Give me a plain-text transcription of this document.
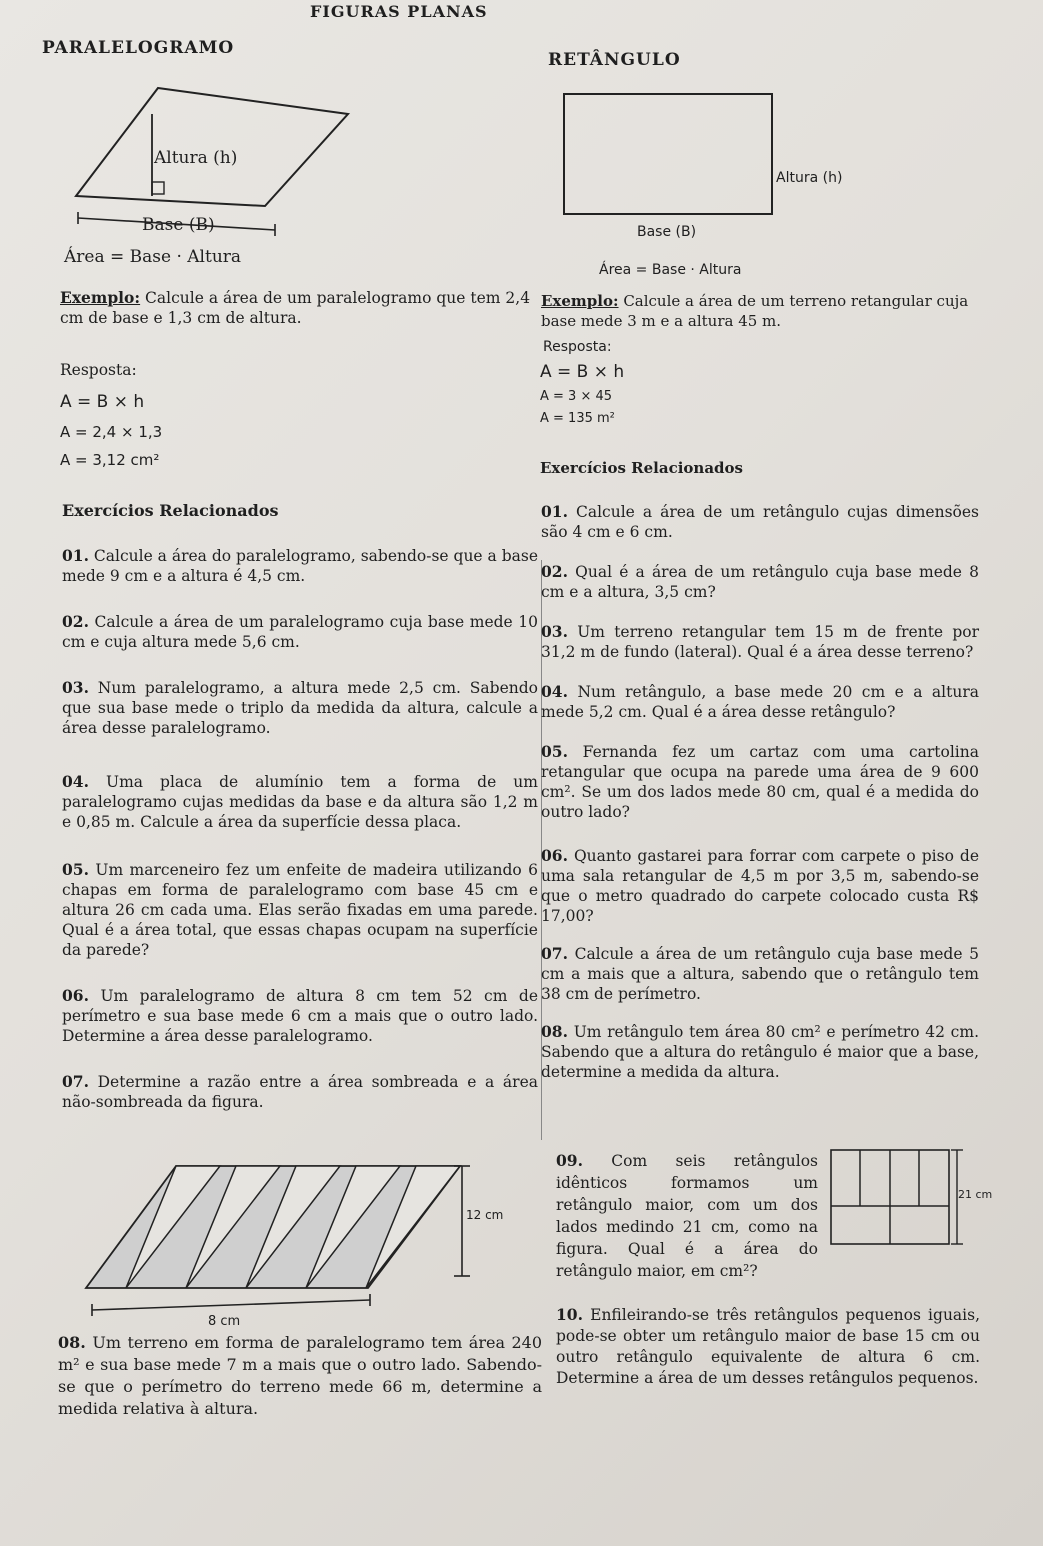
FIGURAS PLANAS
PARALELOGRAMO
RETÂNGULO
Altura (h)
Base (B)
Área = Base · Altura
Altura (h)
Base (B)
Área = Base · Altura
Exemplo: Calcule a área de um paralelogramo que tem 2,4 cm de base e 1,3 cm de altura.
Resposta:
A = B × h
A = 2,4 × 1,3
A = 3,12 cm²
Exemplo: Calcule a área de um terreno retangular cuja base mede 3 m e a altura 45 m.
Resposta:
A = B × h
A = 3 × 45
A = 135 m²
Exercícios Relacionados
Exercícios Relacionados

01. Calcule a área do paralelogramo, sabendo-se que a base mede 9 cm e a altura é 4,5 cm.

02. Calcule a área de um paralelogramo cuja base mede 10 cm e cuja altura mede 5,6 cm.

03. Num paralelogramo, a altura mede 2,5 cm. Sabendo que sua base mede o triplo da medida da altura, calcule a área desse paralelogramo.

04. Uma placa de alumínio tem a forma de um paralelogramo cujas medidas da base e da altura são 1,2 m e 0,85 m. Calcule a área da superfície dessa placa.

05. Um marceneiro fez um enfeite de madeira utilizando 6 chapas em forma de paralelogramo com base 45 cm e altura 26 cm cada uma. Elas serão fixadas em uma parede. Qual é a área total, que essas chapas ocupam na superfície da parede?

06. Um paralelogramo de altura 8 cm tem 52 cm de perímetro e sua base mede 6 cm a mais que o outro lado. Determine a área desse paralelogramo.

07. Determine a razão entre a área sombreada e a área não-sombreada da figura.

12 cm
8 cm

08. Um terreno em forma de paralelogramo tem área 240 m² e sua base mede 7 m a mais que o outro lado. Sabendo-se que o perímetro do terreno mede 66 m, determine a medida relativa à altura.

01. Calcule a área de um retângulo cujas dimensões são 4 cm e 6 cm.

02. Qual é a área de um retângulo cuja base mede 8 cm e a altura, 3,5 cm?

03. Um terreno retangular tem 15 m de frente por 31,2 m de fundo (lateral). Qual é a área desse terreno?

04. Num retângulo, a base mede 20 cm e a altura mede 5,2 cm. Qual é a área desse retângulo?

05. Fernanda fez um cartaz com uma cartolina retangular que ocupa na parede uma área de 9 600 cm². Se um dos lados mede 80 cm, qual é a medida do outro lado?

06. Quanto gastarei para forrar com carpete o piso de uma sala retangular de 4,5 m por 3,5 m, sabendo-se que o metro quadrado do carpete colocado custa R$ 17,00?

07. Calcule a área de um retângulo cuja base mede 5 cm a mais que a altura, sabendo que o retângulo tem 38 cm de perímetro.

08. Um retângulo tem área 80 cm² e perímetro 42 cm. Sabendo que a altura do retângulo é maior que a base, determine a medida da altura.

09. Com seis retângulos idênticos formamos um retângulo maior, com um dos lados medindo 21 cm, como na figura. Qual é a área do retângulo maior, em cm²?

21 cm

10. Enfileirando-se três retângulos pequenos iguais, pode-se obter um retângulo maior de base 15 cm ou outro retângulo equivalente de altura 6 cm. Determine a área de um desses retângulos pequenos.
